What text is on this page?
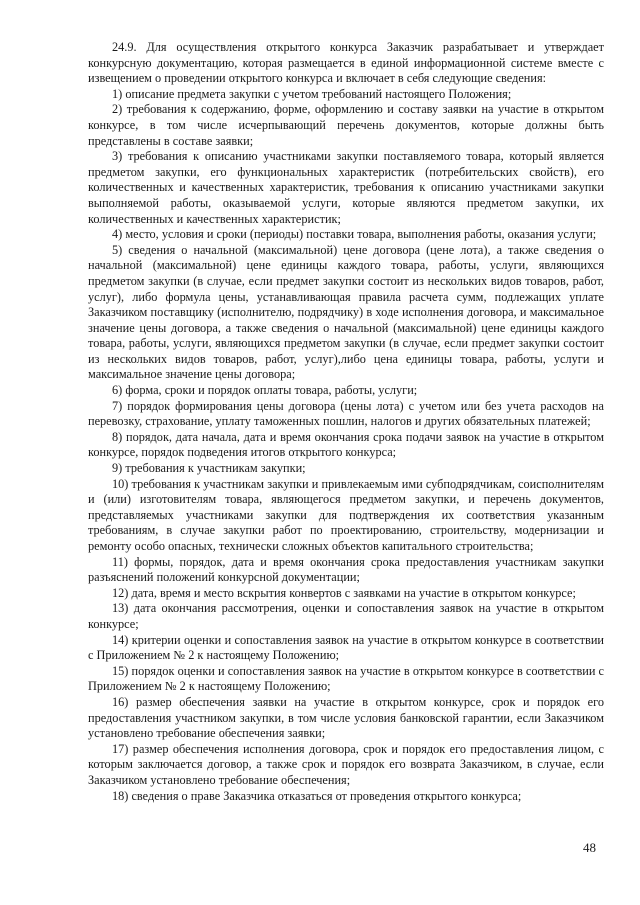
24.9. Для осуществления открытого конкурса Заказчик разрабатывает и утверждает конкурсную документацию, которая размещается в единой информационной системе вместе с извещением о проведении открытого конкурса и включает в себя следующие сведения:

1) описание предмета закупки с учетом требований настоящего Положения;

2) требования к содержанию, форме, оформлению и составу заявки на участие в открытом конкурсе, в том числе исчерпывающий перечень документов, которые должны быть представлены в составе заявки;

3) требования к описанию участниками закупки поставляемого товара, который является предметом закупки, его функциональных характеристик (потребительских свойств), его количественных и качественных характеристик, требования к описанию участниками закупки выполняемой работы, оказываемой услуги, которые являются предметом закупки, их количественных и качественных характеристик;

4) место, условия и сроки (периоды) поставки товара, выполнения работы, оказания услуги;

5) сведения о начальной (максимальной) цене договора (цене лота), а также сведения о начальной (максимальной) цене единицы каждого товара, работы, услуги, являющихся предметом закупки (в случае, если предмет закупки состоит из нескольких видов товаров, работ, услуг), либо формула цены, устанавливающая правила расчета сумм, подлежащих уплате Заказчиком поставщику (исполнителю, подрядчику) в ходе исполнения договора, и максимальное значение цены договора, а также сведения о начальной (максимальной) цене единицы каждого товара, работы, услуги, являющихся предметом закупки (в случае, если предмет закупки состоит из нескольких видов товаров, работ, услуг),либо цена единицы товара, работы, услуги и максимальное значение цены договора;

6) форма, сроки и порядок оплаты товара, работы, услуги;

7) порядок формирования цены договора (цены лота) с учетом или без учета расходов на перевозку, страхование, уплату таможенных пошлин, налогов и других обязательных платежей;

8) порядок, дата начала, дата и время окончания срока подачи заявок на участие в открытом конкурсе, порядок подведения итогов открытого конкурса;

9) требования к участникам закупки;

10) требования к участникам закупки и привлекаемым ими субподрядчикам, соисполнителям и (или) изготовителям товара, являющегося предметом закупки, и перечень документов, представляемых участниками закупки для подтверждения их соответствия указанным требованиям, в случае закупки работ по проектированию, строительству, модернизации и ремонту особо опасных, технически сложных объектов капитального строительства;

11) формы, порядок, дата и время окончания срока предоставления участникам закупки разъяснений положений конкурсной документации;

12) дата, время и место вскрытия конвертов с заявками на участие в открытом конкурсе;

13) дата окончания рассмотрения, оценки и сопоставления заявок на участие в открытом конкурсе;

14) критерии оценки и сопоставления заявок на участие в открытом конкурсе в соответствии с Приложением № 2 к настоящему Положению;

15) порядок оценки и сопоставления заявок на участие в открытом конкурсе в соответствии с Приложением № 2 к настоящему Положению;

16) размер обеспечения заявки на участие в открытом конкурсе, срок и порядок его предоставления участником закупки, в том числе условия банковской гарантии, если Заказчиком установлено требование обеспечения заявки;

17) размер обеспечения исполнения договора, срок и порядок его предоставления лицом, с которым заключается договор, а также срок и порядок его возврата Заказчиком, в случае, если Заказчиком установлено требование обеспечения;

18) сведения о праве Заказчика отказаться от проведения открытого конкурса;

48
